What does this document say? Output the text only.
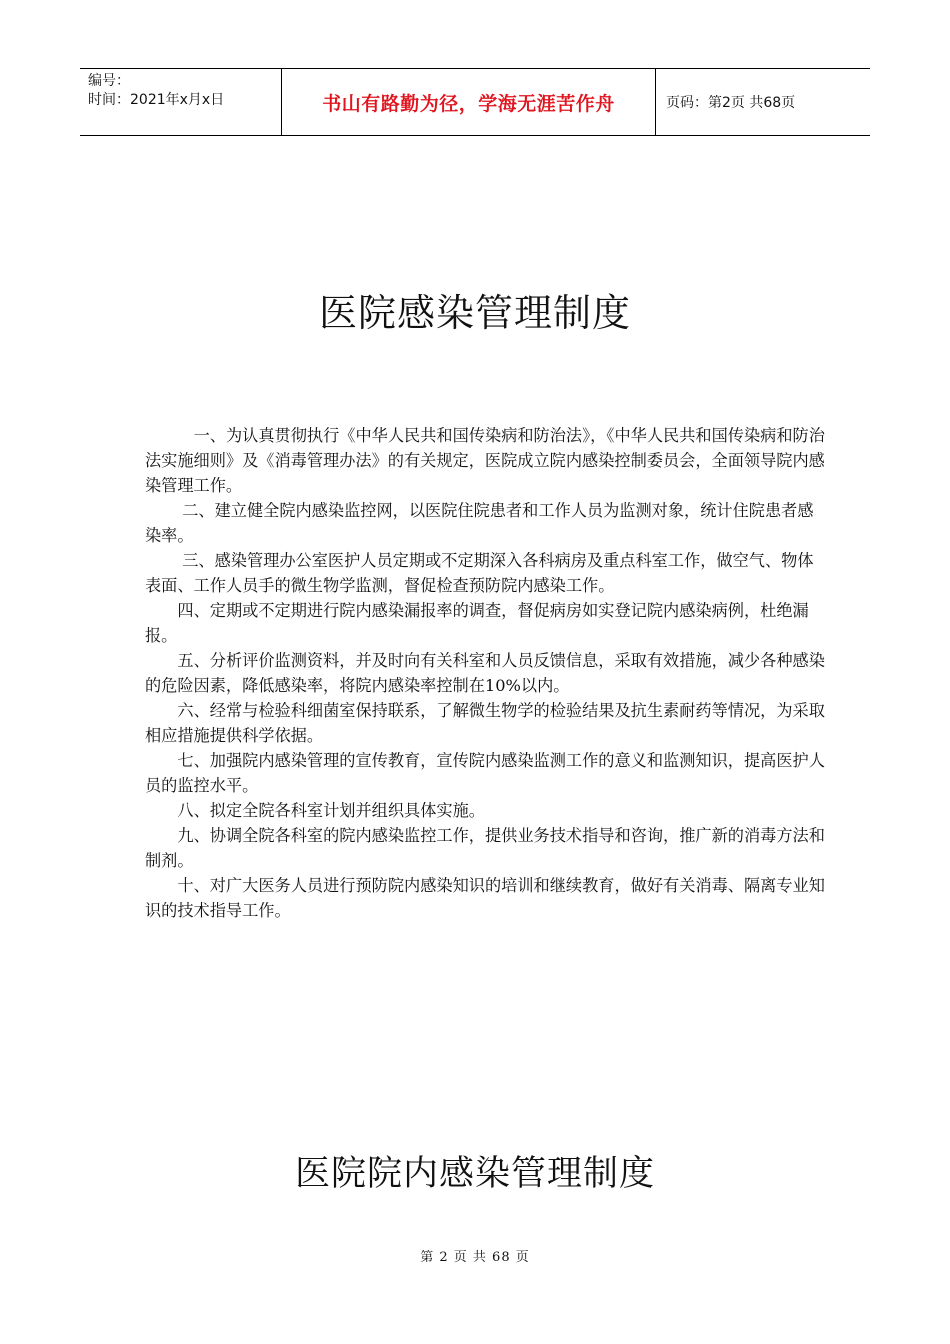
编号：
时间：2021年x月x日	书山有路勤为径，学海无涯苦作舟	页码：第2页 共68页
医院感染管理制度

一、为认真贯彻执行《中华人民共和国传染病和防治法》，《中华人民共和国传染病和防治法实施细则》及《消毒管理办法》的有关规定，医院成立院内感染控制委员会，全面领导院内感染管理工作。

二、建立健全院内感染监控网，以医院住院患者和工作人员为监测对象，统计住院患者感染率。

三、感染管理办公室医护人员定期或不定期深入各科病房及重点科室工作，做空气、物体表面、工作人员手的微生物学监测，督促检查预防院内感染工作。

四、定期或不定期进行院内感染漏报率的调查，督促病房如实登记院内感染病例，杜绝漏报。

五、分析评价监测资料，并及时向有关科室和人员反馈信息，采取有效措施，减少各种感染的危险因素，降低感染率，将院内感染率控制在10%以内。

六、经常与检验科细菌室保持联系，了解微生物学的检验结果及抗生素耐药等情况，为采取相应措施提供科学依据。

七、加强院内感染管理的宣传教育，宣传院内感染监测工作的意义和监测知识，提高医护人员的监控水平。

八、拟定全院各科室计划并组织具体实施。

九、协调全院各科室的院内感染监控工作，提供业务技术指导和咨询，推广新的消毒方法和制剂。

十、对广大医务人员进行预防院内感染知识的培训和继续教育，做好有关消毒、隔离专业知识的技术指导工作。

医院院内感染管理制度
第 2 页 共 68 页
